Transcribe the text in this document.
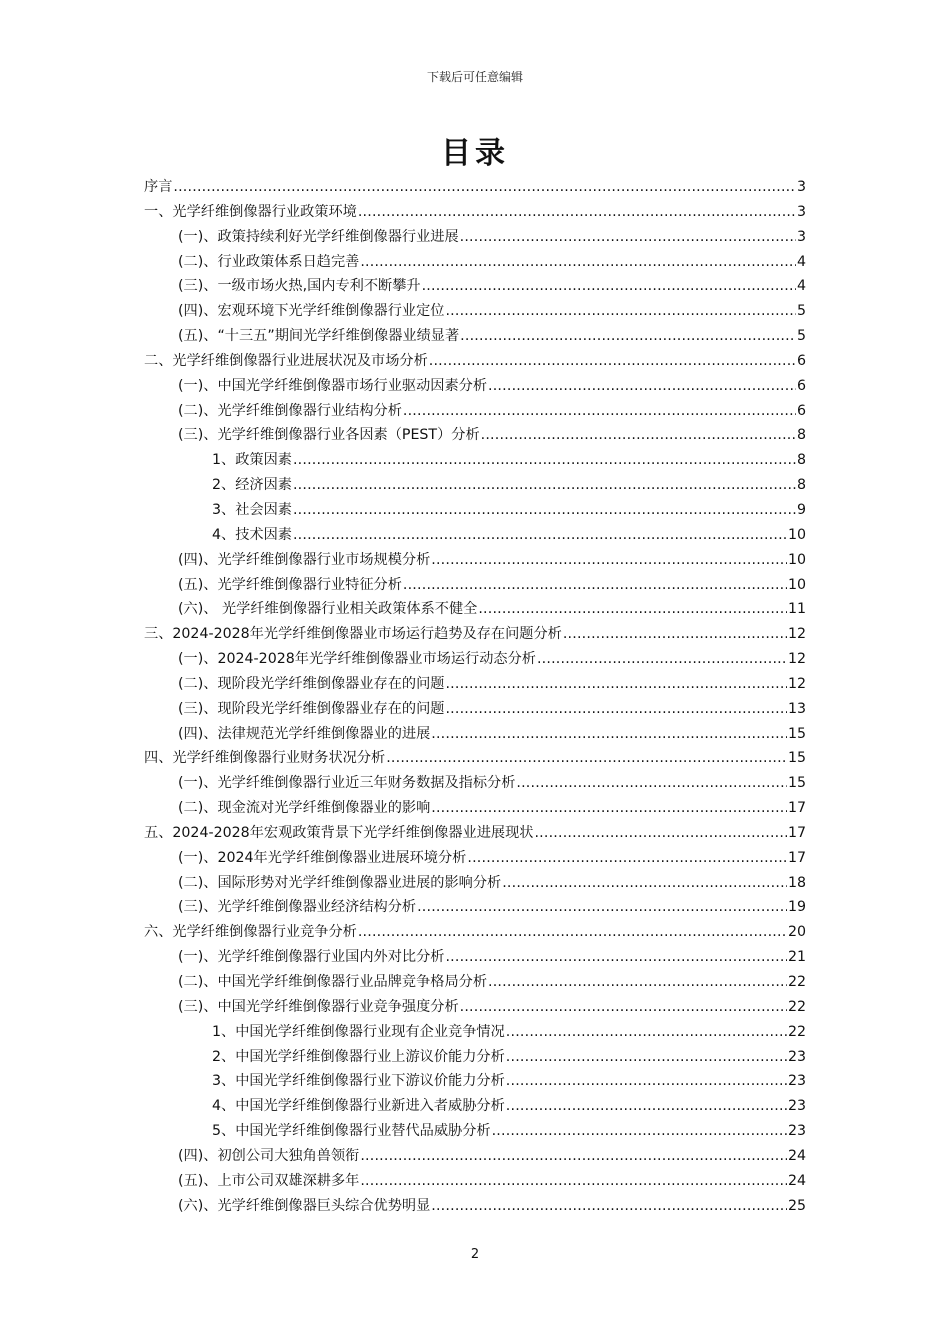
下载后可任意编辑
目录
序言 .....	3
一、光学纤维倒像器行业政策环境 .....	3
(一)、政策持续利好光学纤维倒像器行业进展 .....	3
(二)、行业政策体系日趋完善 .....	4
(三)、一级市场火热,国内专利不断攀升 .....	4
(四)、宏观环境下光学纤维倒像器行业定位 .....	5
(五)、“十三五”期间光学纤维倒像器业绩显著 .....	5
二、光学纤维倒像器行业进展状况及市场分析 .....	6
(一)、中国光学纤维倒像器市场行业驱动因素分析 .....	6
(二)、光学纤维倒像器行业结构分析 .....	6
(三)、光学纤维倒像器行业各因素（PEST）分析 .....	8
1、政策因素 .....	8
2、经济因素 .....	8
3、社会因素 .....	9
4、技术因素 .....	10
(四)、光学纤维倒像器行业市场规模分析 .....	10
(五)、光学纤维倒像器行业特征分析 .....	10
(六)、 光学纤维倒像器行业相关政策体系不健全 .....	11
三、2024-2028年光学纤维倒像器业市场运行趋势及存在问题分析 .....	12
(一)、2024-2028年光学纤维倒像器业市场运行动态分析 .....	12
(二)、现阶段光学纤维倒像器业存在的问题 .....	12
(三)、现阶段光学纤维倒像器业存在的问题 .....	13
(四)、法律规范光学纤维倒像器业的进展 .....	15
四、光学纤维倒像器行业财务状况分析 .....	15
(一)、光学纤维倒像器行业近三年财务数据及指标分析 .....	15
(二)、现金流对光学纤维倒像器业的影响 .....	17
五、2024-2028年宏观政策背景下光学纤维倒像器业进展现状 .....	17
(一)、2024年光学纤维倒像器业进展环境分析 .....	17
(二)、国际形势对光学纤维倒像器业进展的影响分析 .....	18
(三)、光学纤维倒像器业经济结构分析 .....	19
六、光学纤维倒像器行业竞争分析 .....	20
(一)、光学纤维倒像器行业国内外对比分析 .....	21
(二)、中国光学纤维倒像器行业品牌竞争格局分析 .....	22
(三)、中国光学纤维倒像器行业竞争强度分析 .....	22
1、中国光学纤维倒像器行业现有企业竞争情况 .....	22
2、中国光学纤维倒像器行业上游议价能力分析 .....	23
3、中国光学纤维倒像器行业下游议价能力分析 .....	23
4、中国光学纤维倒像器行业新进入者威胁分析 .....	23
5、中国光学纤维倒像器行业替代品威胁分析 .....	23
(四)、初创公司大独角兽领衔 .....	24
(五)、上市公司双雄深耕多年 .....	24
(六)、光学纤维倒像器巨头综合优势明显 .....	25
2
